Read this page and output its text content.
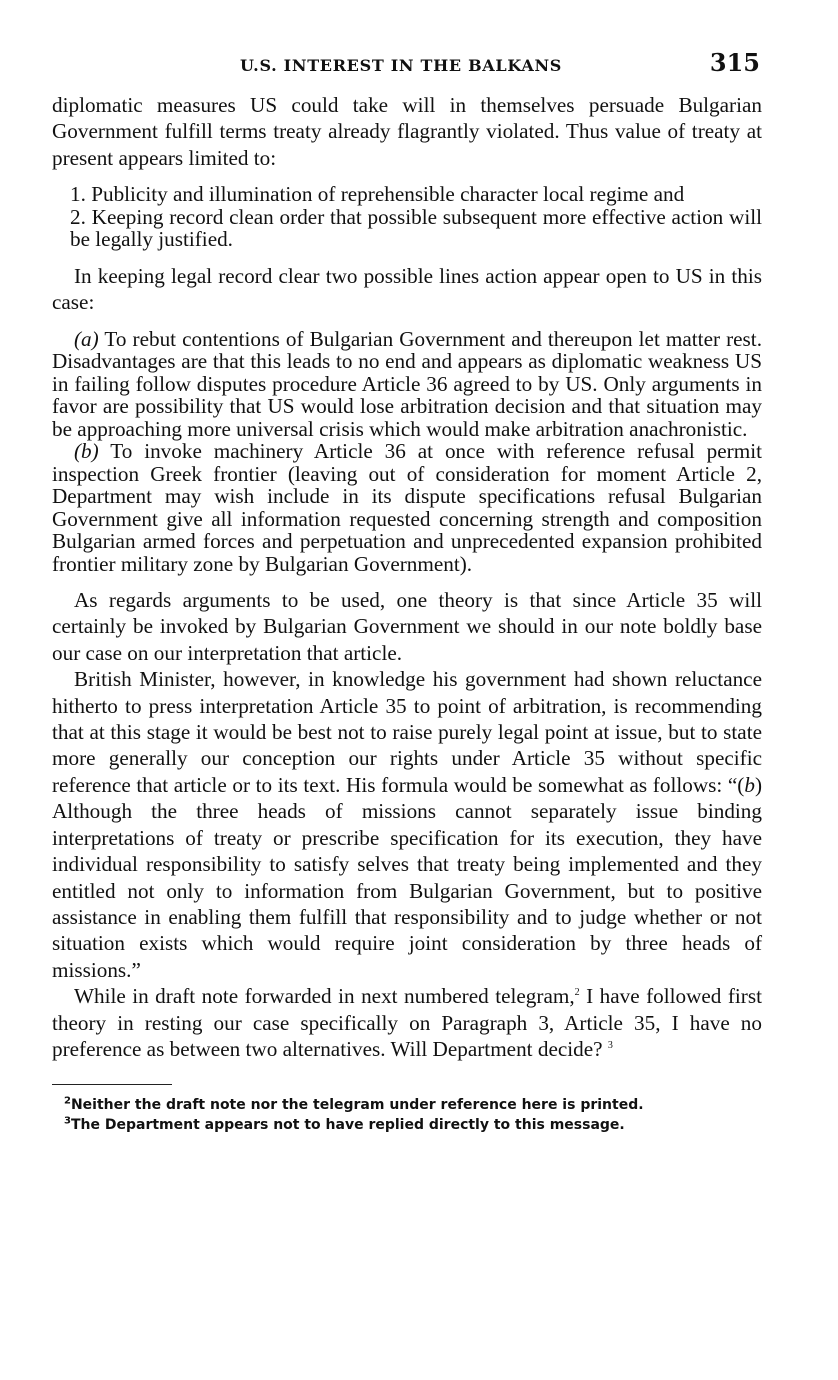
U.S. INTEREST IN THE BALKANS	315

diplomatic measures US could take will in themselves persuade Bulgarian Government fulfill terms treaty already flagrantly violated. Thus value of treaty at present appears limited to:

1. Publicity and illumination of reprehensible character local regime and

2. Keeping record clean order that possible subsequent more effective action will be legally justified.

In keeping legal record clear two possible lines action appear open to US in this case:

(a) To rebut contentions of Bulgarian Government and thereupon let matter rest. Disadvantages are that this leads to no end and appears as diplomatic weakness US in failing follow disputes procedure Article 36 agreed to by US. Only arguments in favor are possibility that US would lose arbitration decision and that situation may be approaching more universal crisis which would make arbitration anachronistic.

(b) To invoke machinery Article 36 at once with reference refusal permit inspection Greek frontier (leaving out of consideration for moment Article 2, Department may wish include in its dispute specifications refusal Bulgarian Government give all information requested concerning strength and composition Bulgarian armed forces and perpetuation and unprecedented expansion prohibited frontier military zone by Bulgarian Government).

As regards arguments to be used, one theory is that since Article 35 will certainly be invoked by Bulgarian Government we should in our note boldly base our case on our interpretation that article.

British Minister, however, in knowledge his government had shown reluctance hitherto to press interpretation Article 35 to point of arbitration, is recommending that at this stage it would be best not to raise purely legal point at issue, but to state more generally our conception our rights under Article 35 without specific reference that article or to its text. His formula would be somewhat as follows: “(b) Although the three heads of missions cannot separately issue binding interpretations of treaty or prescribe specification for its execution, they have individual responsibility to satisfy selves that treaty being implemented and they entitled not only to information from Bulgarian Government, but to positive assistance in enabling them fulfill that responsibility and to judge whether or not situation exists which would require joint consideration by three heads of missions.”

While in draft note forwarded in next numbered telegram,$^2$ I have followed first theory in resting our case specifically on Paragraph 3, Article 35, I have no preference as between two alternatives. Will Department decide? $^3$

$^2$Neither the draft note nor the telegram under reference here is printed.

$^3$The Department appears not to have replied directly to this message.
